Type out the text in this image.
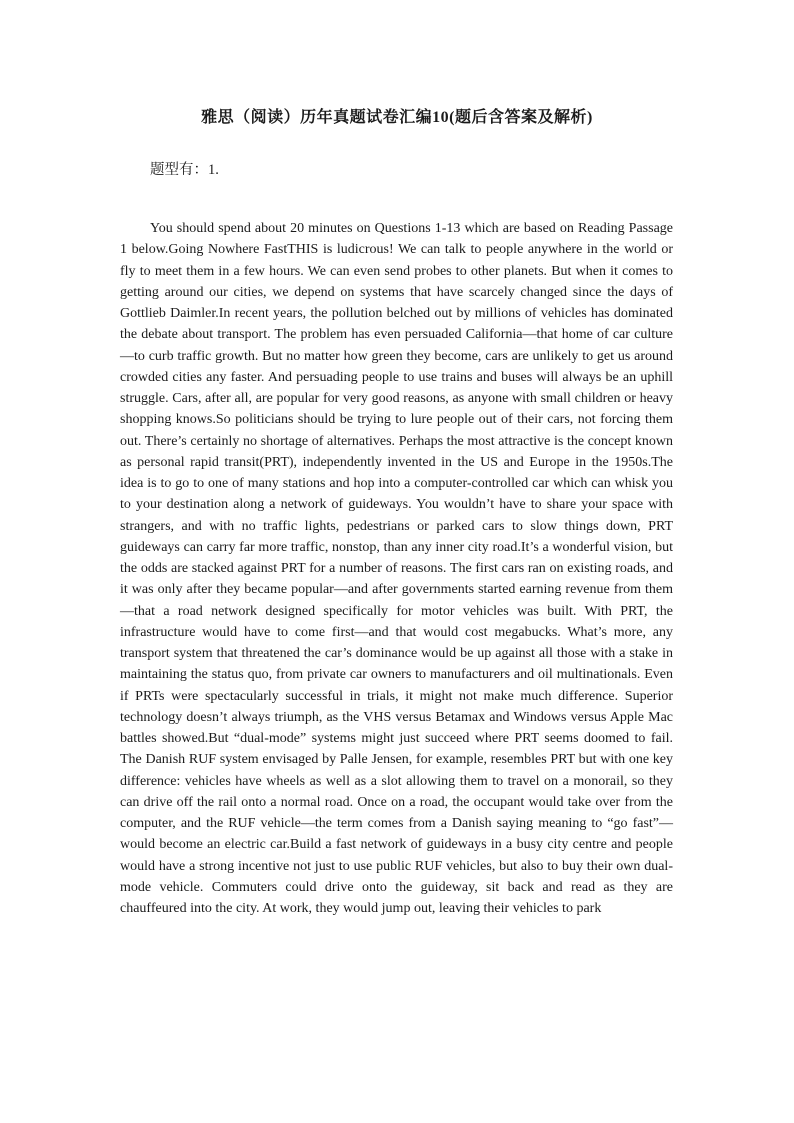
雅思（阅读）历年真题试卷汇编10(题后含答案及解析)

题型有：1.

You should spend about 20 minutes on Questions 1-13 which are based on Reading Passage 1 below.Going Nowhere FastTHIS is ludicrous! We can talk to people anywhere in the world or fly to meet them in a few hours. We can even send probes to other planets. But when it comes to getting around our cities, we depend on systems that have scarcely changed since the days of Gottlieb Daimler.In recent years, the pollution belched out by millions of vehicles has dominated the debate about transport. The problem has even persuaded California—that home of car culture—to curb traffic growth. But no matter how green they become, cars are unlikely to get us around crowded cities any faster. And persuading people to use trains and buses will always be an uphill struggle. Cars, after all, are popular for very good reasons, as anyone with small children or heavy shopping knows.So politicians should be trying to lure people out of their cars, not forcing them out. There’s certainly no shortage of alternatives. Perhaps the most attractive is the concept known as personal rapid transit(PRT), independently invented in the US and Europe in the 1950s.The idea is to go to one of many stations and hop into a computer-controlled car which can whisk you to your destination along a network of guideways. You wouldn’t have to share your space with strangers, and with no traffic lights, pedestrians or parked cars to slow things down, PRT guideways can carry far more traffic, nonstop, than any inner city road.It’s a wonderful vision, but the odds are stacked against PRT for a number of reasons. The first cars ran on existing roads, and it was only after they became popular—and after governments started earning revenue from them—that a road network designed specifically for motor vehicles was built. With PRT, the infrastructure would have to come first—and that would cost megabucks. What’s more, any transport system that threatened the car’s dominance would be up against all those with a stake in maintaining the status quo, from private car owners to manufacturers and oil multinationals. Even if PRTs were spectacularly successful in trials, it might not make much difference. Superior technology doesn’t always triumph, as the VHS versus Betamax and Windows versus Apple Mac battles showed.But “dual-mode” systems might just succeed where PRT seems doomed to fail. The Danish RUF system envisaged by Palle Jensen, for example, resembles PRT but with one key difference: vehicles have wheels as well as a slot allowing them to travel on a monorail, so they can drive off the rail onto a normal road. Once on a road, the occupant would take over from the computer, and the RUF vehicle—the term comes from a Danish saying meaning to “go fast”—would become an electric car.Build a fast network of guideways in a busy city centre and people would have a strong incentive not just to use public RUF vehicles, but also to buy their own dual-mode vehicle. Commuters could drive onto the guideway, sit back and read as they are chauffeured into the city. At work, they would jump out, leaving their vehicles to park
